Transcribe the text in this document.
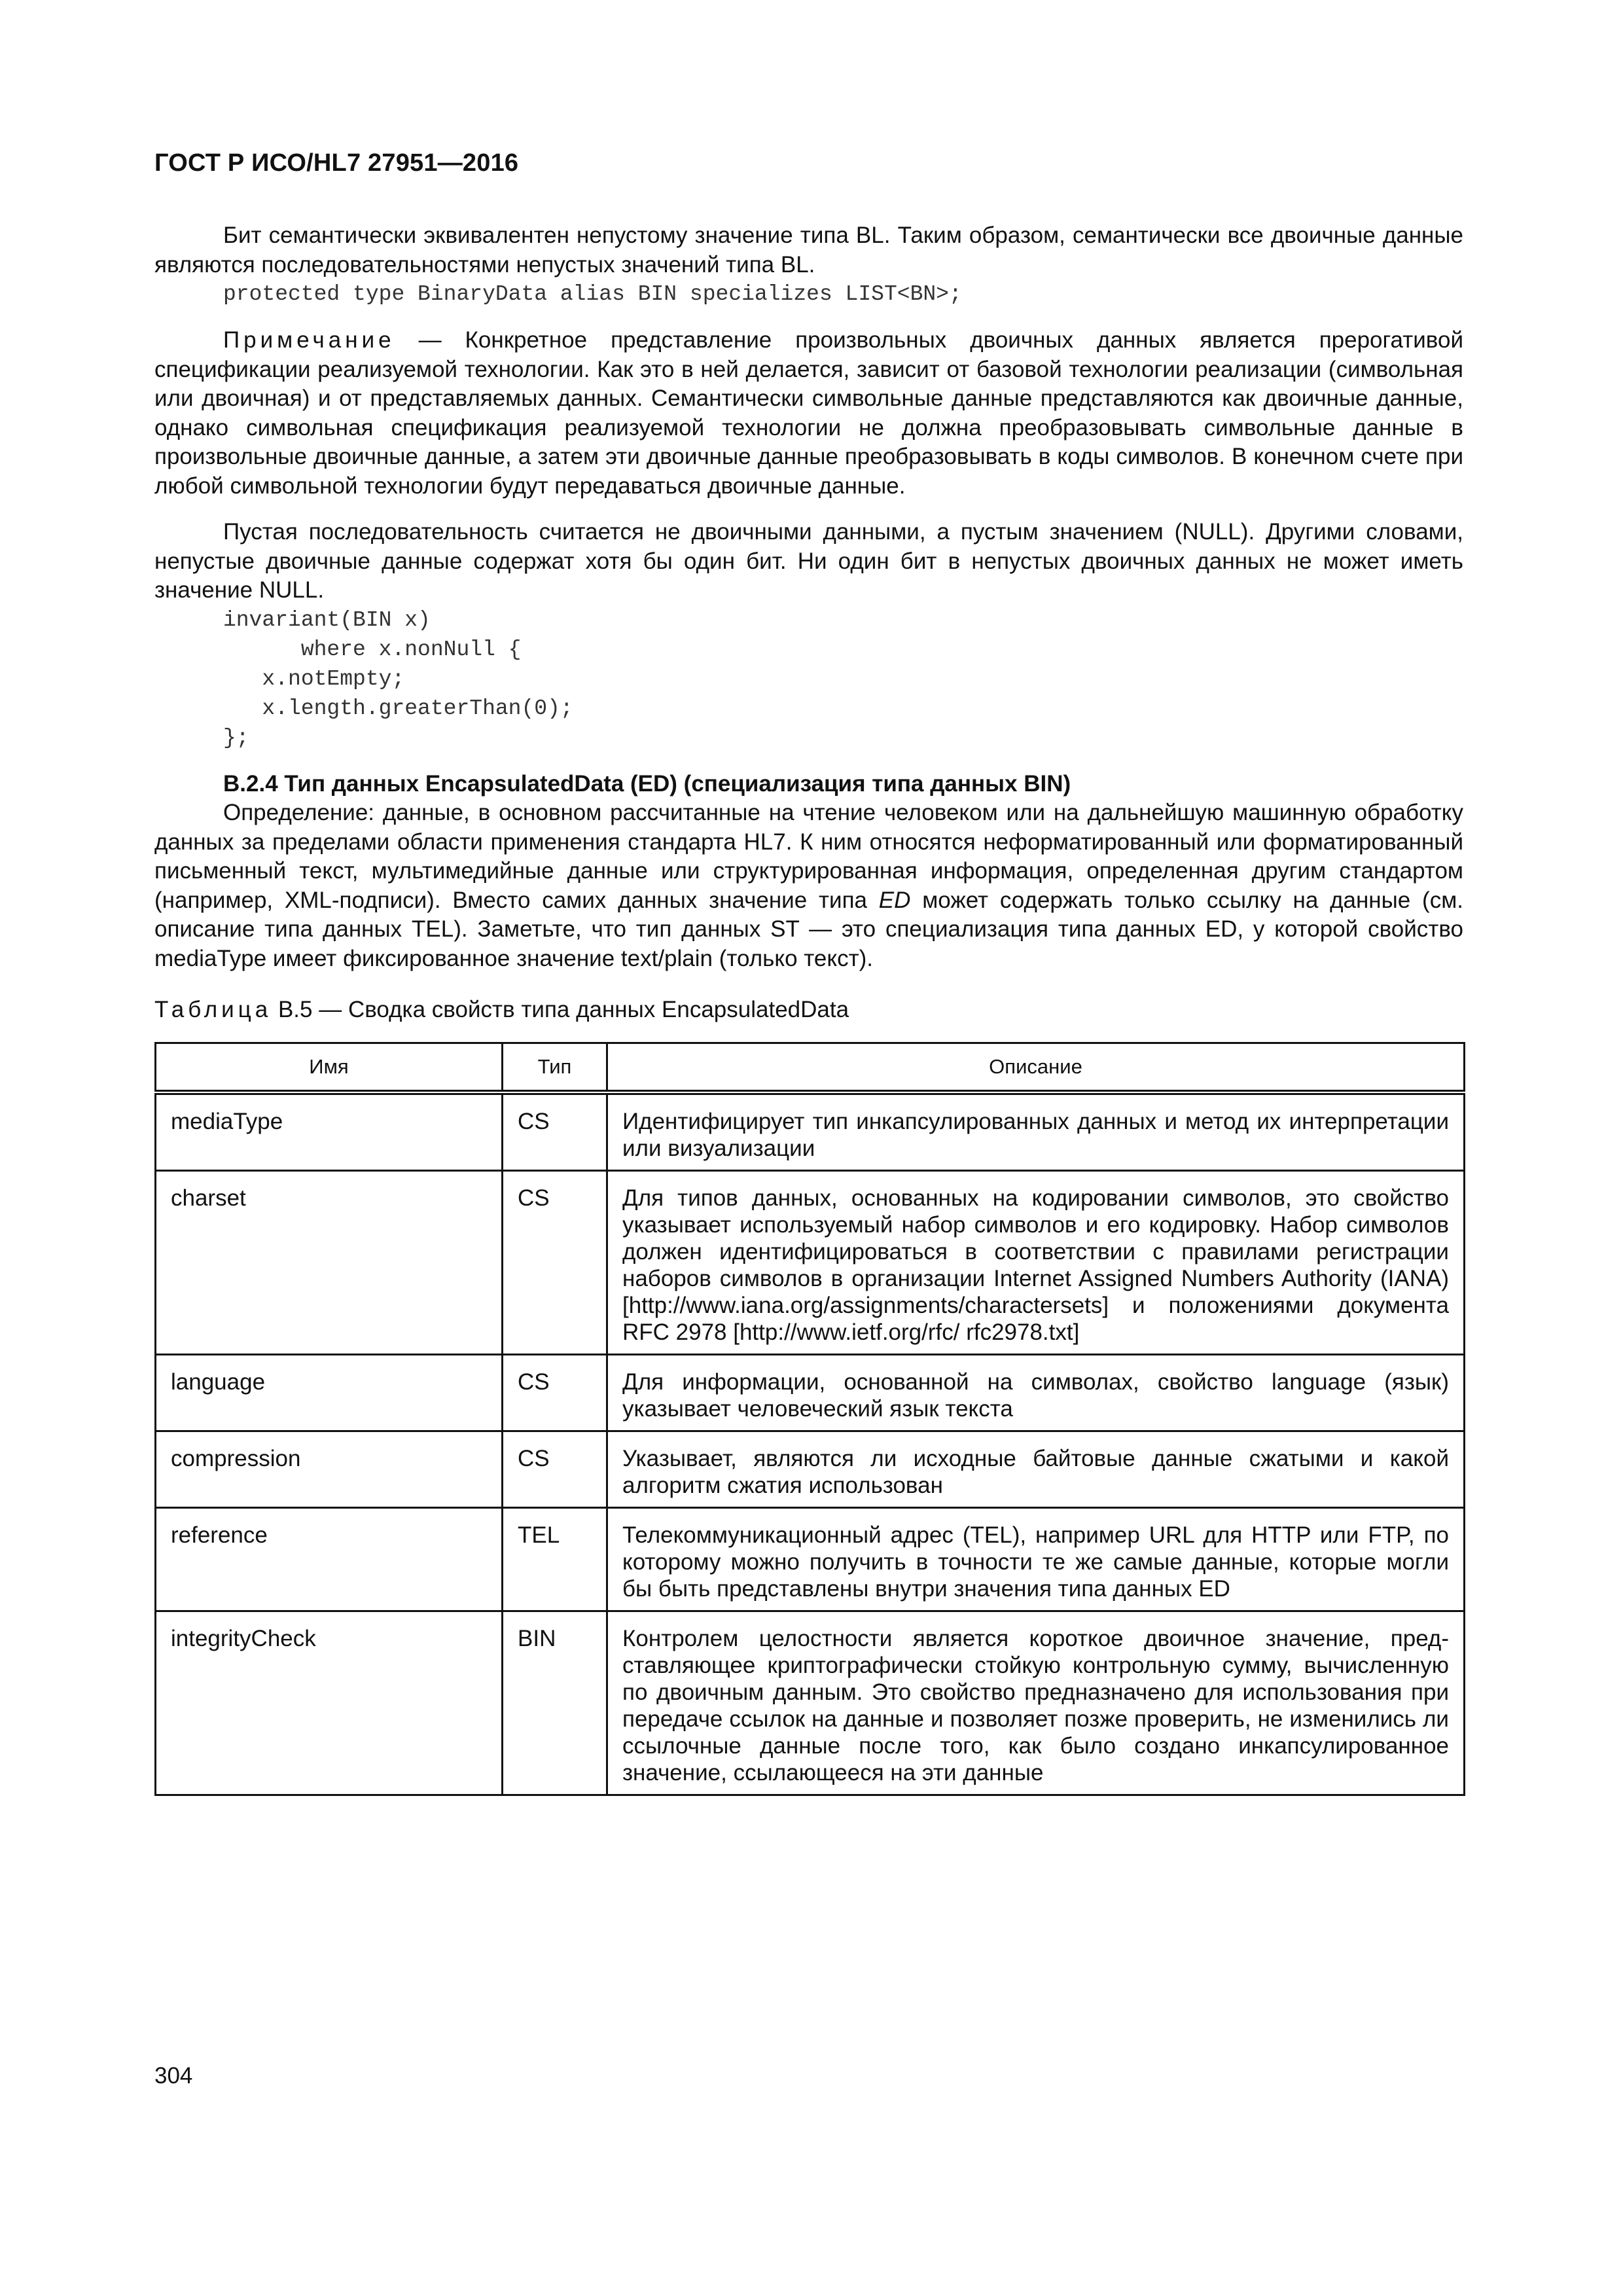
ГОСТ Р ИСО/HL7 27951—2016

Бит семантически эквивалентен непустому значение типа BL. Таким образом, семантически все двоичные данные являются последовательностями непустых значений типа BL.

protected type BinaryData alias BIN specializes LIST<BN>;

Примечание — Конкретное представление произвольных двоичных данных является прерогативой спецификации реализуемой технологии. Как это в ней делается, зависит от базовой технологии реализации (символьная или двоичная) и от представляемых данных. Семантически символьные данные представляются как двоичные данные, однако символьная спецификация реализуемой технологии не должна преобразовывать символьные данные в произвольные двоичные данные, а затем эти двоичные данные преобразовывать в коды символов. В конечном счете при любой символьной технологии будут передаваться двоичные данные.

Пустая последовательность считается не двоичными данными, а пустым значением (NULL). Другими словами, непустые двоичные данные содержат хотя бы один бит. Ни один бит в непустых двоичных данных не может иметь значение NULL.

invariant(BIN x)
where x.nonNull {
x.notEmpty;
x.length.greaterThan(0);
};

B.2.4 Тип данных EncapsulatedData (ED) (специализация типа данных BIN)

Определение: данные, в основном рассчитанные на чтение человеком или на дальнейшую машинную обработку данных за пределами области применения стандарта HL7. К ним относятся неформатированный или форматированный письменный текст, мультимедийные данные или структурированная информация, определенная другим стандартом (например, XML-подписи). Вместо самих данных значение типа ED может содержать только ссылку на данные (см. описание типа данных TEL). Заметьте, что тип данных ST — это специализация типа данных ED, у которой свойство mediaType имеет фиксированное значение text/plain (только текст).

Таблица В.5 — Сводка свойств типа данных EncapsulatedData

Имя	Тип	Описание
mediaType	CS	Идентифицирует тип инкапсулированных данных и метод их интерпретации или визуализации
charset	CS	Для типов данных, основанных на кодировании символов, это свойство указывает используемый набор символов и его кодировку. Набор символов должен идентифицироваться в соответствии с правилами регистрации наборов символов в организации Internet Assigned Numbers Authority (IANA) [http://www.iana.org/assignments/charactersets] и положениями документа RFC 2978 [http://www.ietf.org/rfc/ rfc2978.txt]
language	CS	Для информации, основанной на символах, свойство language (язык) указывает человеческий язык текста
compression	CS	Указывает, являются ли исходные байтовые данные сжатыми и какой алгоритм сжатия использован
reference	TEL	Телекоммуникационный адрес (TEL), например URL для HTTP или FTP, по которому можно получить в точности те же самые данные, которые могли бы быть представлены внутри значения типа данных ED
integrityCheck	BIN	Контролем целостности является короткое двоичное значение, представляющее криптографически стойкую контрольную сумму, вычисленную по двоичным данным. Это свойство предназначено для использования при передаче ссылок на данные и позволяет позже проверить, не изменились ли ссылочные данные после того, как было создано инкапсулированное значение, ссылающееся на эти данные
304
